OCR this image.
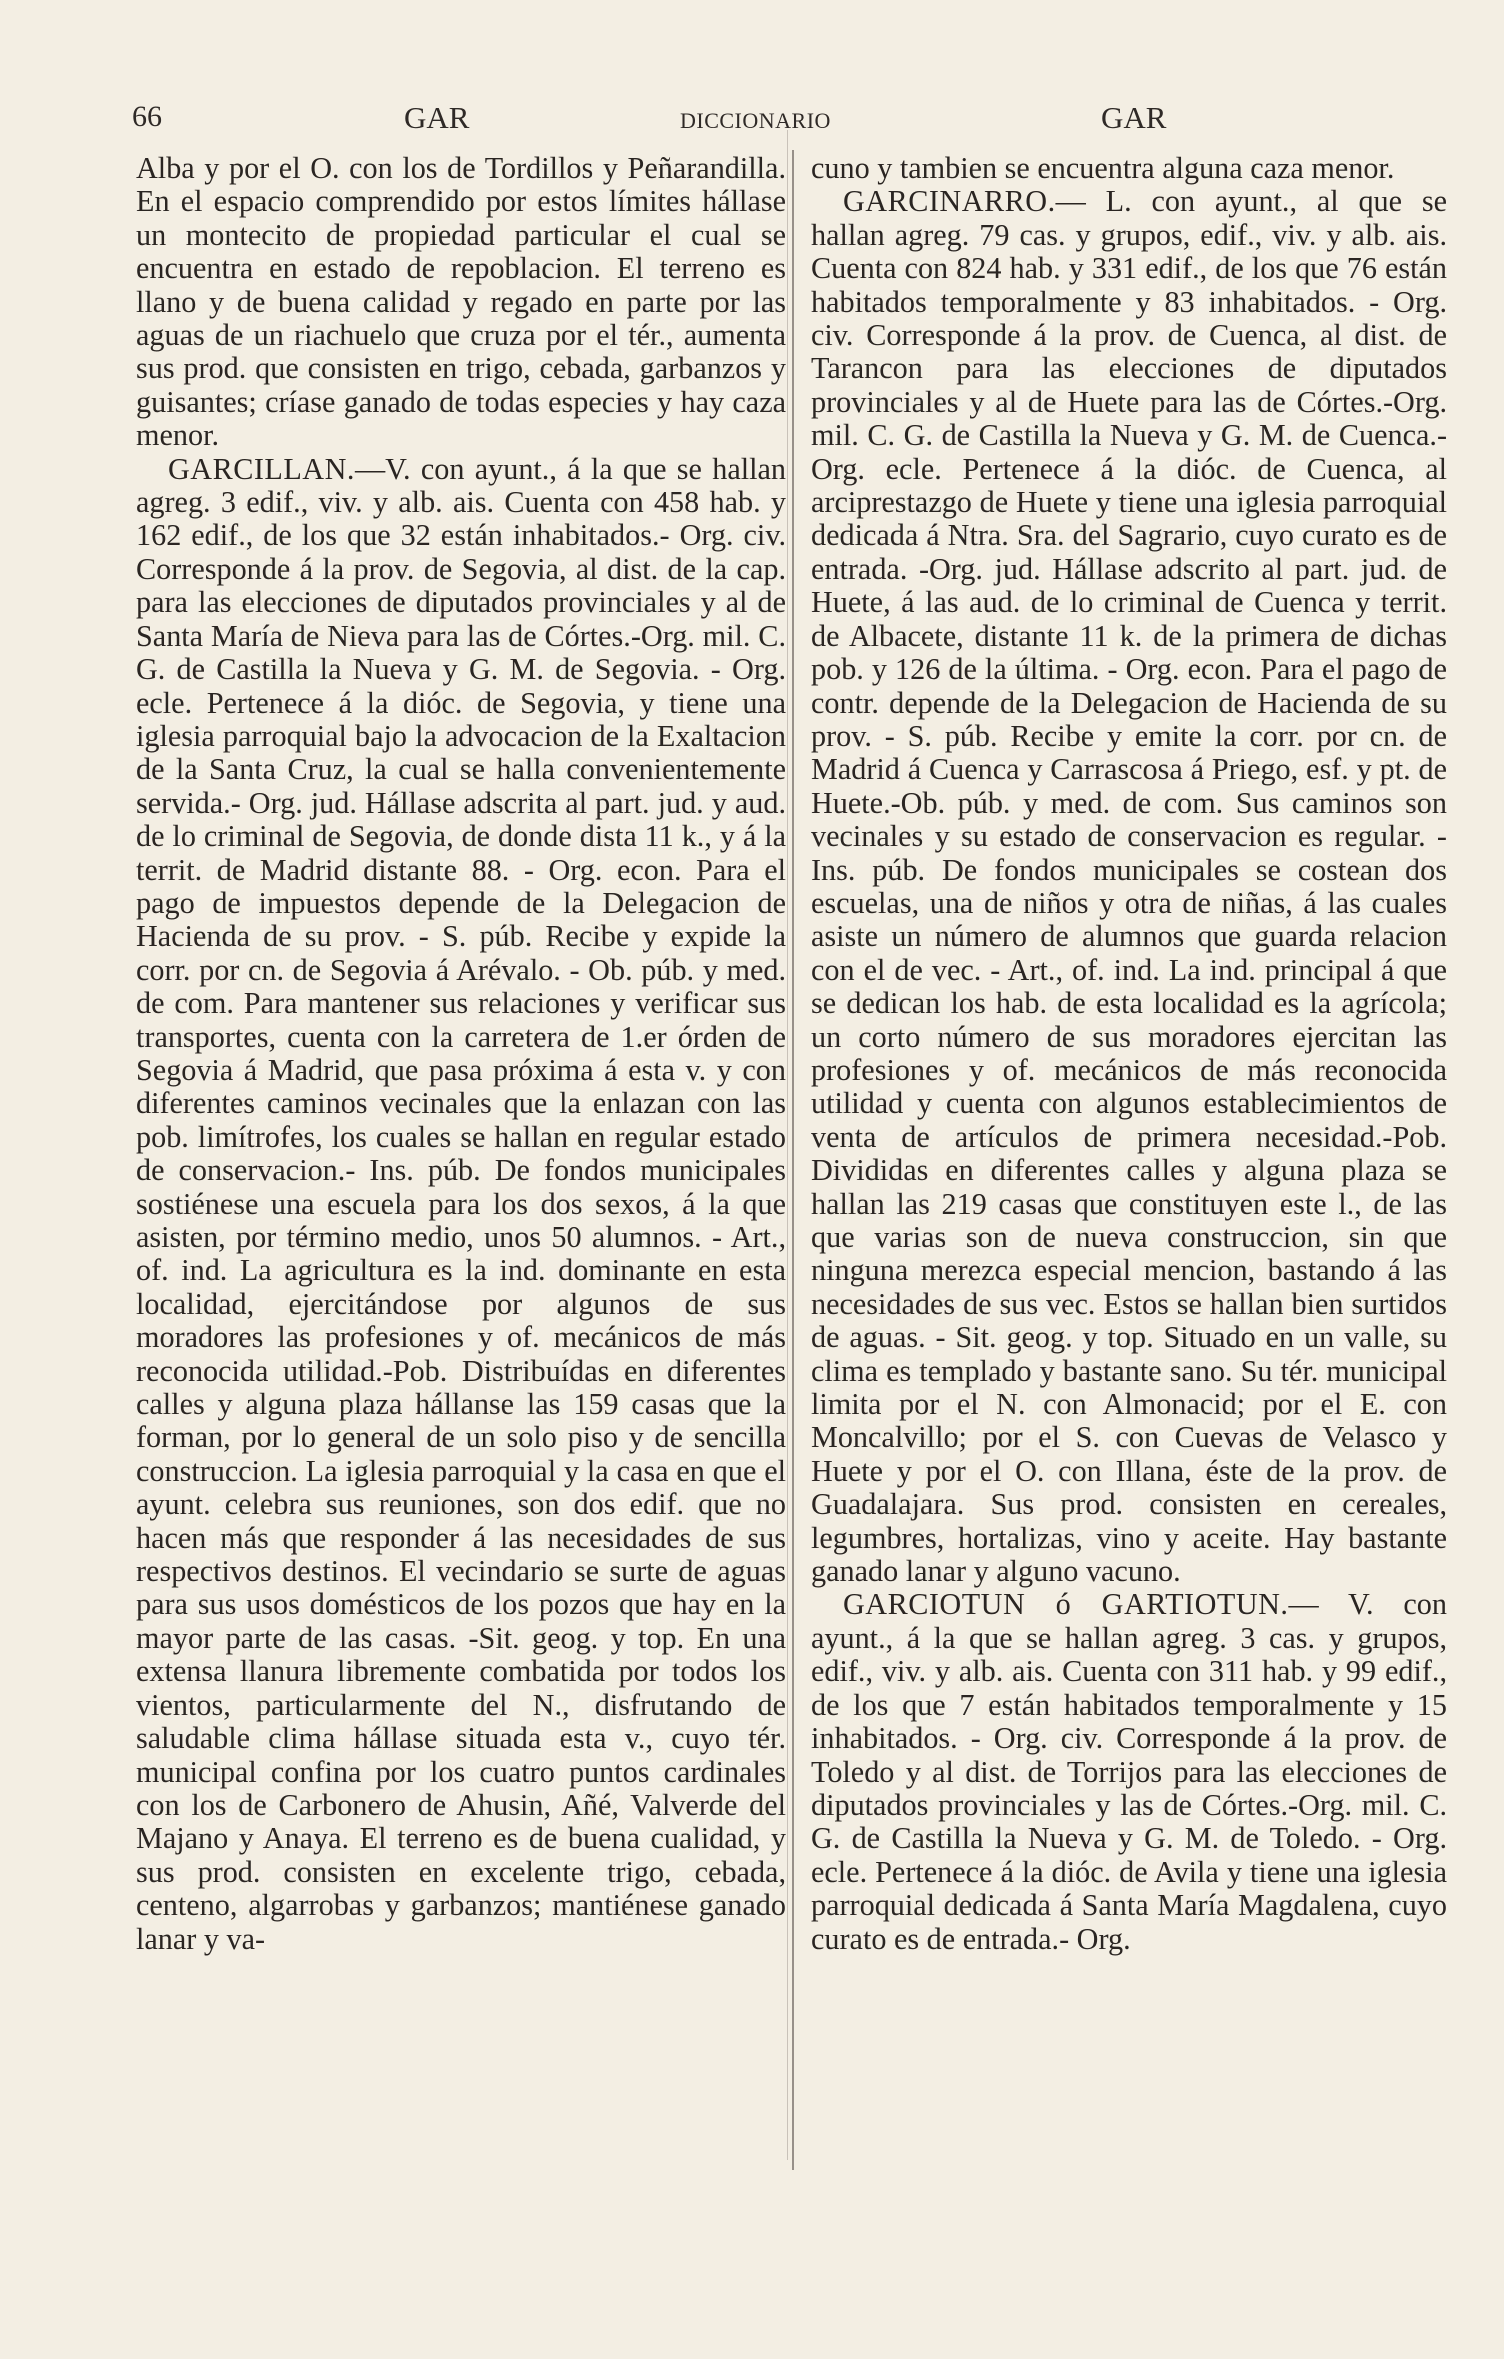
66	GAR	DICCIONARIO	GAR

Alba y por el O. con los de Tordillos y Peñarandilla. En el espacio comprendido por estos límites hállase un montecito de propiedad particular el cual se encuentra en estado de repoblacion. El terreno es llano y de buena calidad y regado en parte por las aguas de un riachuelo que cruza por el tér., aumenta sus prod. que consisten en trigo, cebada, garbanzos y guisantes; críase ganado de todas especies y hay caza menor.

GARCILLAN.—V. con ayunt., á la que se hallan agreg. 3 edif., viv. y alb. ais. Cuenta con 458 hab. y 162 edif., de los que 32 están inhabitados.- Org. civ. Corresponde á la prov. de Segovia, al dist. de la cap. para las elecciones de diputados provinciales y al de Santa María de Nieva para las de Córtes.-Org. mil. C. G. de Castilla la Nueva y G. M. de Segovia. - Org. ecle. Pertenece á la dióc. de Segovia, y tiene una iglesia parroquial bajo la advocacion de la Exaltacion de la Santa Cruz, la cual se halla convenientemente servida.- Org. jud. Hállase adscrita al part. jud. y aud. de lo criminal de Segovia, de donde dista 11 k., y á la territ. de Madrid distante 88. - Org. econ. Para el pago de impuestos depende de la Delegacion de Hacienda de su prov. - S. púb. Recibe y expide la corr. por cn. de Segovia á Arévalo. - Ob. púb. y med. de com. Para mantener sus relaciones y verificar sus transportes, cuenta con la carretera de 1.er órden de Segovia á Madrid, que pasa próxima á esta v. y con diferentes caminos vecinales que la enlazan con las pob. limítrofes, los cuales se hallan en regular estado de conservacion.- Ins. púb. De fondos municipales sostiénese una escuela para los dos sexos, á la que asisten, por término medio, unos 50 alumnos. - Art., of. ind. La agricultura es la ind. dominante en esta localidad, ejercitándose por algunos de sus moradores las profesiones y of. mecánicos de más reconocida utilidad.-Pob. Distribuídas en diferentes calles y alguna plaza hállanse las 159 casas que la forman, por lo general de un solo piso y de sencilla construccion. La iglesia parroquial y la casa en que el ayunt. celebra sus reuniones, son dos edif. que no hacen más que responder á las necesidades de sus respectivos destinos. El vecindario se surte de aguas para sus usos domésticos de los pozos que hay en la mayor parte de las casas. -Sit. geog. y top. En una extensa llanura libremente combatida por todos los vientos, particularmente del N., disfrutando de saludable clima hállase situada esta v., cuyo tér. municipal confina por los cuatro puntos cardinales con los de Carbonero de Ahusin, Añé, Valverde del Majano y Anaya. El terreno es de buena cualidad, y sus prod. consisten en excelente trigo, cebada, centeno, algarrobas y garbanzos; mantiénese ganado lanar y va-

cuno y tambien se encuentra alguna caza menor.

GARCINARRO.— L. con ayunt., al que se hallan agreg. 79 cas. y grupos, edif., viv. y alb. ais. Cuenta con 824 hab. y 331 edif., de los que 76 están habitados temporalmente y 83 inhabitados. - Org. civ. Corresponde á la prov. de Cuenca, al dist. de Tarancon para las elecciones de diputados provinciales y al de Huete para las de Córtes.-Org. mil. C. G. de Castilla la Nueva y G. M. de Cuenca.-Org. ecle. Pertenece á la dióc. de Cuenca, al arciprestazgo de Huete y tiene una iglesia parroquial dedicada á Ntra. Sra. del Sagrario, cuyo curato es de entrada. -Org. jud. Hállase adscrito al part. jud. de Huete, á las aud. de lo criminal de Cuenca y territ. de Albacete, distante 11 k. de la primera de dichas pob. y 126 de la última. - Org. econ. Para el pago de contr. depende de la Delegacion de Hacienda de su prov. - S. púb. Recibe y emite la corr. por cn. de Madrid á Cuenca y Carrascosa á Priego, esf. y pt. de Huete.-Ob. púb. y med. de com. Sus caminos son vecinales y su estado de conservacion es regular. - Ins. púb. De fondos municipales se costean dos escuelas, una de niños y otra de niñas, á las cuales asiste un número de alumnos que guarda relacion con el de vec. - Art., of. ind. La ind. principal á que se dedican los hab. de esta localidad es la agrícola; un corto número de sus moradores ejercitan las profesiones y of. mecánicos de más reconocida utilidad y cuenta con algunos establecimientos de venta de artículos de primera necesidad.-Pob. Divididas en diferentes calles y alguna plaza se hallan las 219 casas que constituyen este l., de las que varias son de nueva construccion, sin que ninguna merezca especial mencion, bastando á las necesidades de sus vec. Estos se hallan bien surtidos de aguas. - Sit. geog. y top. Situado en un valle, su clima es templado y bastante sano. Su tér. municipal limita por el N. con Almonacid; por el E. con Moncalvillo; por el S. con Cuevas de Velasco y Huete y por el O. con Illana, éste de la prov. de Guadalajara. Sus prod. consisten en cereales, legumbres, hortalizas, vino y aceite. Hay bastante ganado lanar y alguno vacuno.

GARCIOTUN ó GARTIOTUN.— V. con ayunt., á la que se hallan agreg. 3 cas. y grupos, edif., viv. y alb. ais. Cuenta con 311 hab. y 99 edif., de los que 7 están habitados temporalmente y 15 inhabitados. - Org. civ. Corresponde á la prov. de Toledo y al dist. de Torrijos para las elecciones de diputados provinciales y las de Córtes.-Org. mil. C. G. de Castilla la Nueva y G. M. de Toledo. - Org. ecle. Pertenece á la dióc. de Avila y tiene una iglesia parroquial dedicada á Santa María Magdalena, cuyo curato es de entrada.- Org.
